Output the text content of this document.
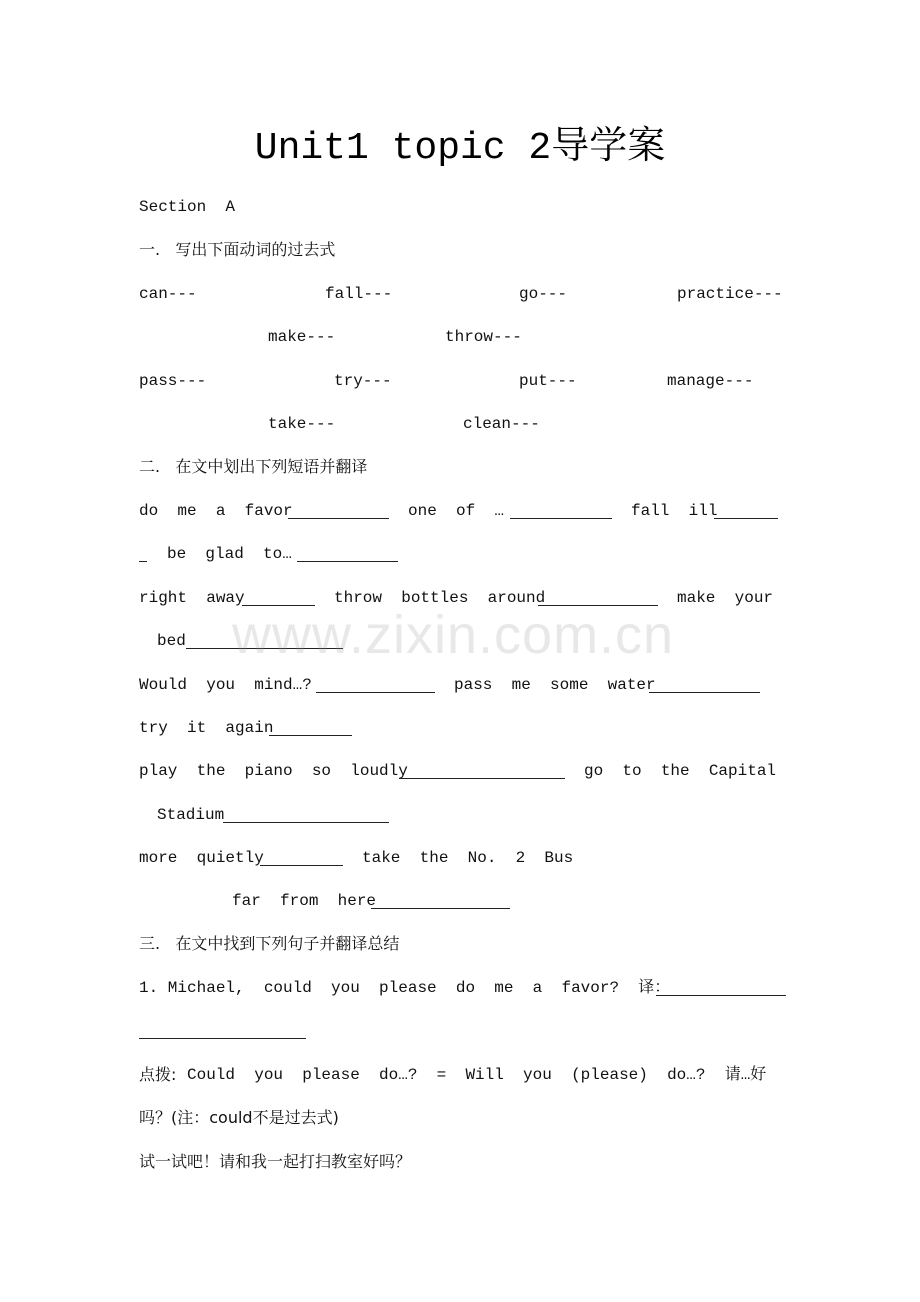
Unit1 topic 2导学案
Section  A
一.   写出下面动词的过去式
can---	fall---	go---	practice---
make---	throw---
pass---	try---	put---	manage---
take---	clean---
二.   在文中划出下列短语并翻译
do  me  a  favor	one  of  …	fall  ill
be  glad  to…
right  away	throw  bottles  around	make  your
bed
Would  you  mind…?	pass  me  some  water
try  it  again
play  the  piano  so  loudly	go  to  the  Capital
Stadium
more  quietly	take  the  No.  2  Bus
far  from  here
三.   在文中找到下列句子并翻译总结
1. Michael,  could  you  please  do  me  a  favor?  译：
点拨: Could  you  please  do…?  =  Will  you  (please)  do…?  请…好
吗？(注：could不是过去式)
试一试吧！请和我一起打扫教室好吗？
www.zixin.com.cn
